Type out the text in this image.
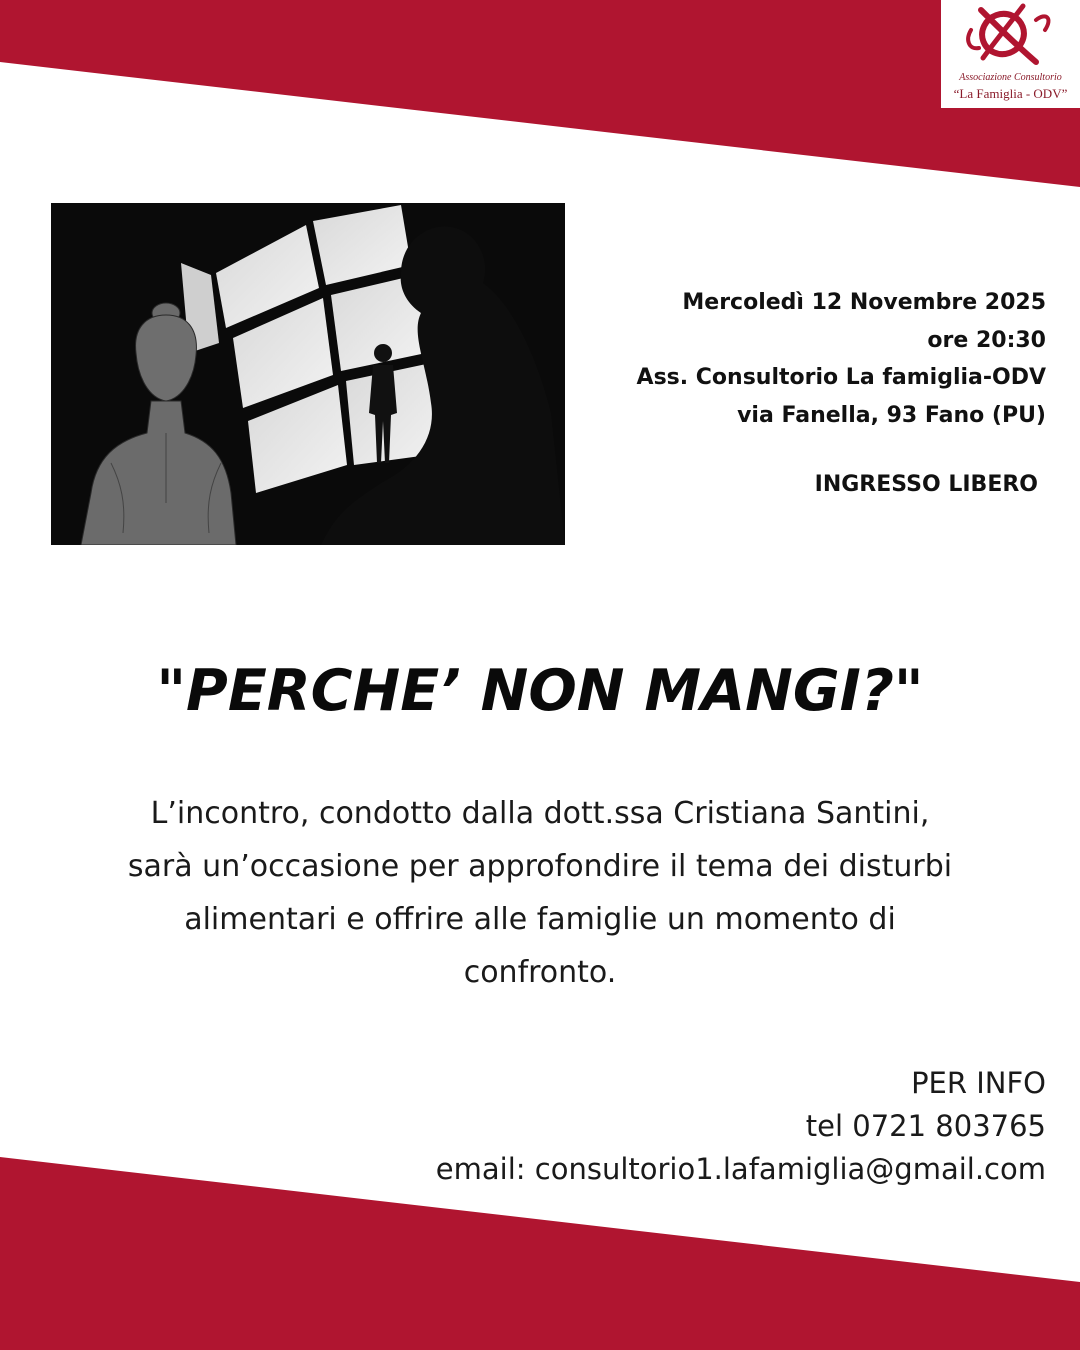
Associazione Consultorio
“La Famiglia - ODV”
Mercoledì 12 Novembre 2025
ore 20:30
Ass. Consultorio La famiglia-ODV
via Fanella, 93 Fano (PU)
INGRESSO LIBERO
"PERCHE’ NON MANGI?"
L’incontro, condotto dalla dott.ssa Cristiana Santini,
sarà un’occasione per approfondire il tema dei disturbi
alimentari e offrire alle famiglie un momento di
confronto.
PER INFO
tel 0721 803765
email: consultorio1.lafamiglia@gmail.com
